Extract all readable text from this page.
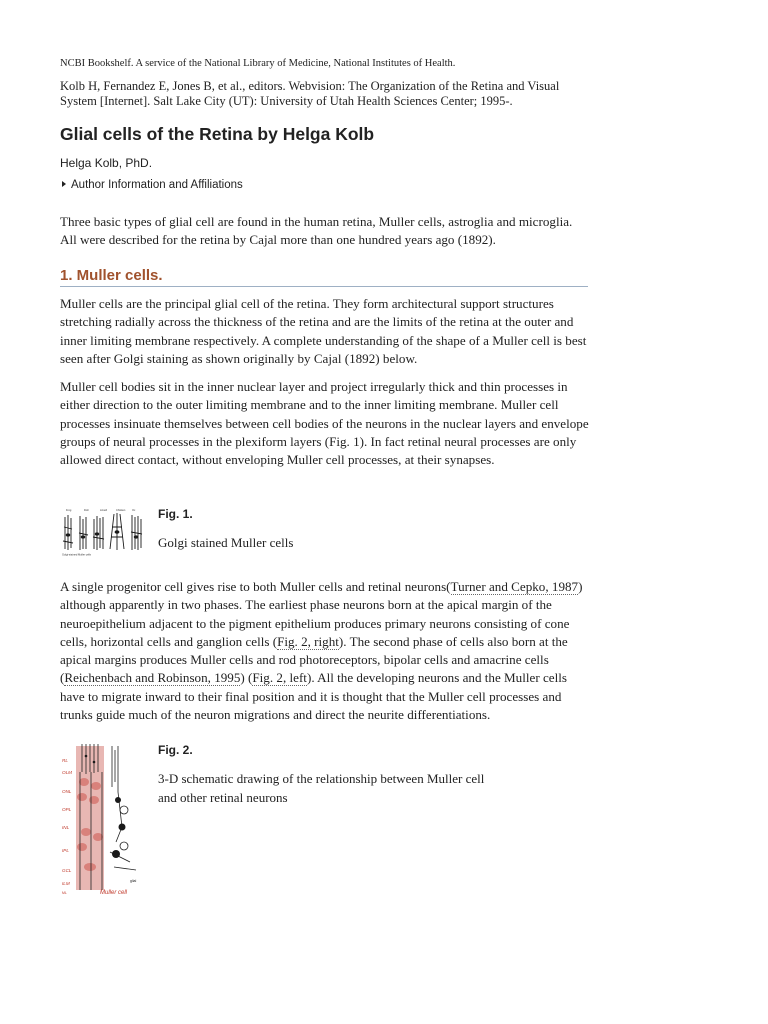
NCBI Bookshelf. A service of the National Library of Medicine, National Institutes of Health.
Kolb H, Fernandez E, Jones B, et al., editors. Webvision: The Organization of the Retina and Visual System [Internet]. Salt Lake City (UT): University of Utah Health Sciences Center; 1995-.
Glial cells of the Retina by Helga Kolb
Helga Kolb, PhD.
Author Information and Affiliations

Three basic types of glial cell are found in the human retina, Muller cells, astroglia and microglia. All were described for the retina by Cajal more than one hundred years ago (1892).

1. Muller cells.

Muller cells are the principal glial cell of the retina. They form architectural support structures stretching radially across the thickness of the retina and are the limits of the retina at the outer and inner limiting membrane respectively. A complete understanding of the shape of a Muller cell is best seen after Golgi staining as shown originally by Cajal (1892) below.

Muller cell bodies sit in the inner nuclear layer and project irregularly thick and thin processes in either direction to the outer limiting membrane and to the inner limiting membrane. Muller cell processes insinuate themselves between cell bodies of the neurons in the nuclear layers and envelope groups of neural processes in the plexiform layers (Fig. 1). In fact retinal neural processes are only allowed direct contact, without enveloping Muller cell processes, at their synapses.

Frog	Fish	Lizard	Chicken	Ox
Golgi-stained Muller cells
Fig. 1.

Golgi stained Muller cells

A single progenitor cell gives rise to both Muller cells and retinal neurons(Turner and Cepko, 1987) although apparently in two phases. The earliest phase neurons born at the apical margin of the neuroepithelium adjacent to the pigment epithelium produces primary neurons consisting of cone cells, horizontal cells and ganglion cells (Fig. 2, right). The second phase of cells also born at the apical margins produces Muller cells and rod photoreceptors, bipolar cells and amacrine cells (Reichenbach and Robinson, 1995) (Fig. 2, left). All the developing neurons and the Muller cells have to migrate inward to their final position and it is thought that the Muller cell processes and trunks guide much of the neuron migrations and direct the neurite differentiations.

RL
OLM
ONL
OPL
INL
IPL
GCL
ILM
Muller cell
glial
ML
Fig. 2.

3-D schematic drawing of the relationship between Muller cell and other retinal neurons
